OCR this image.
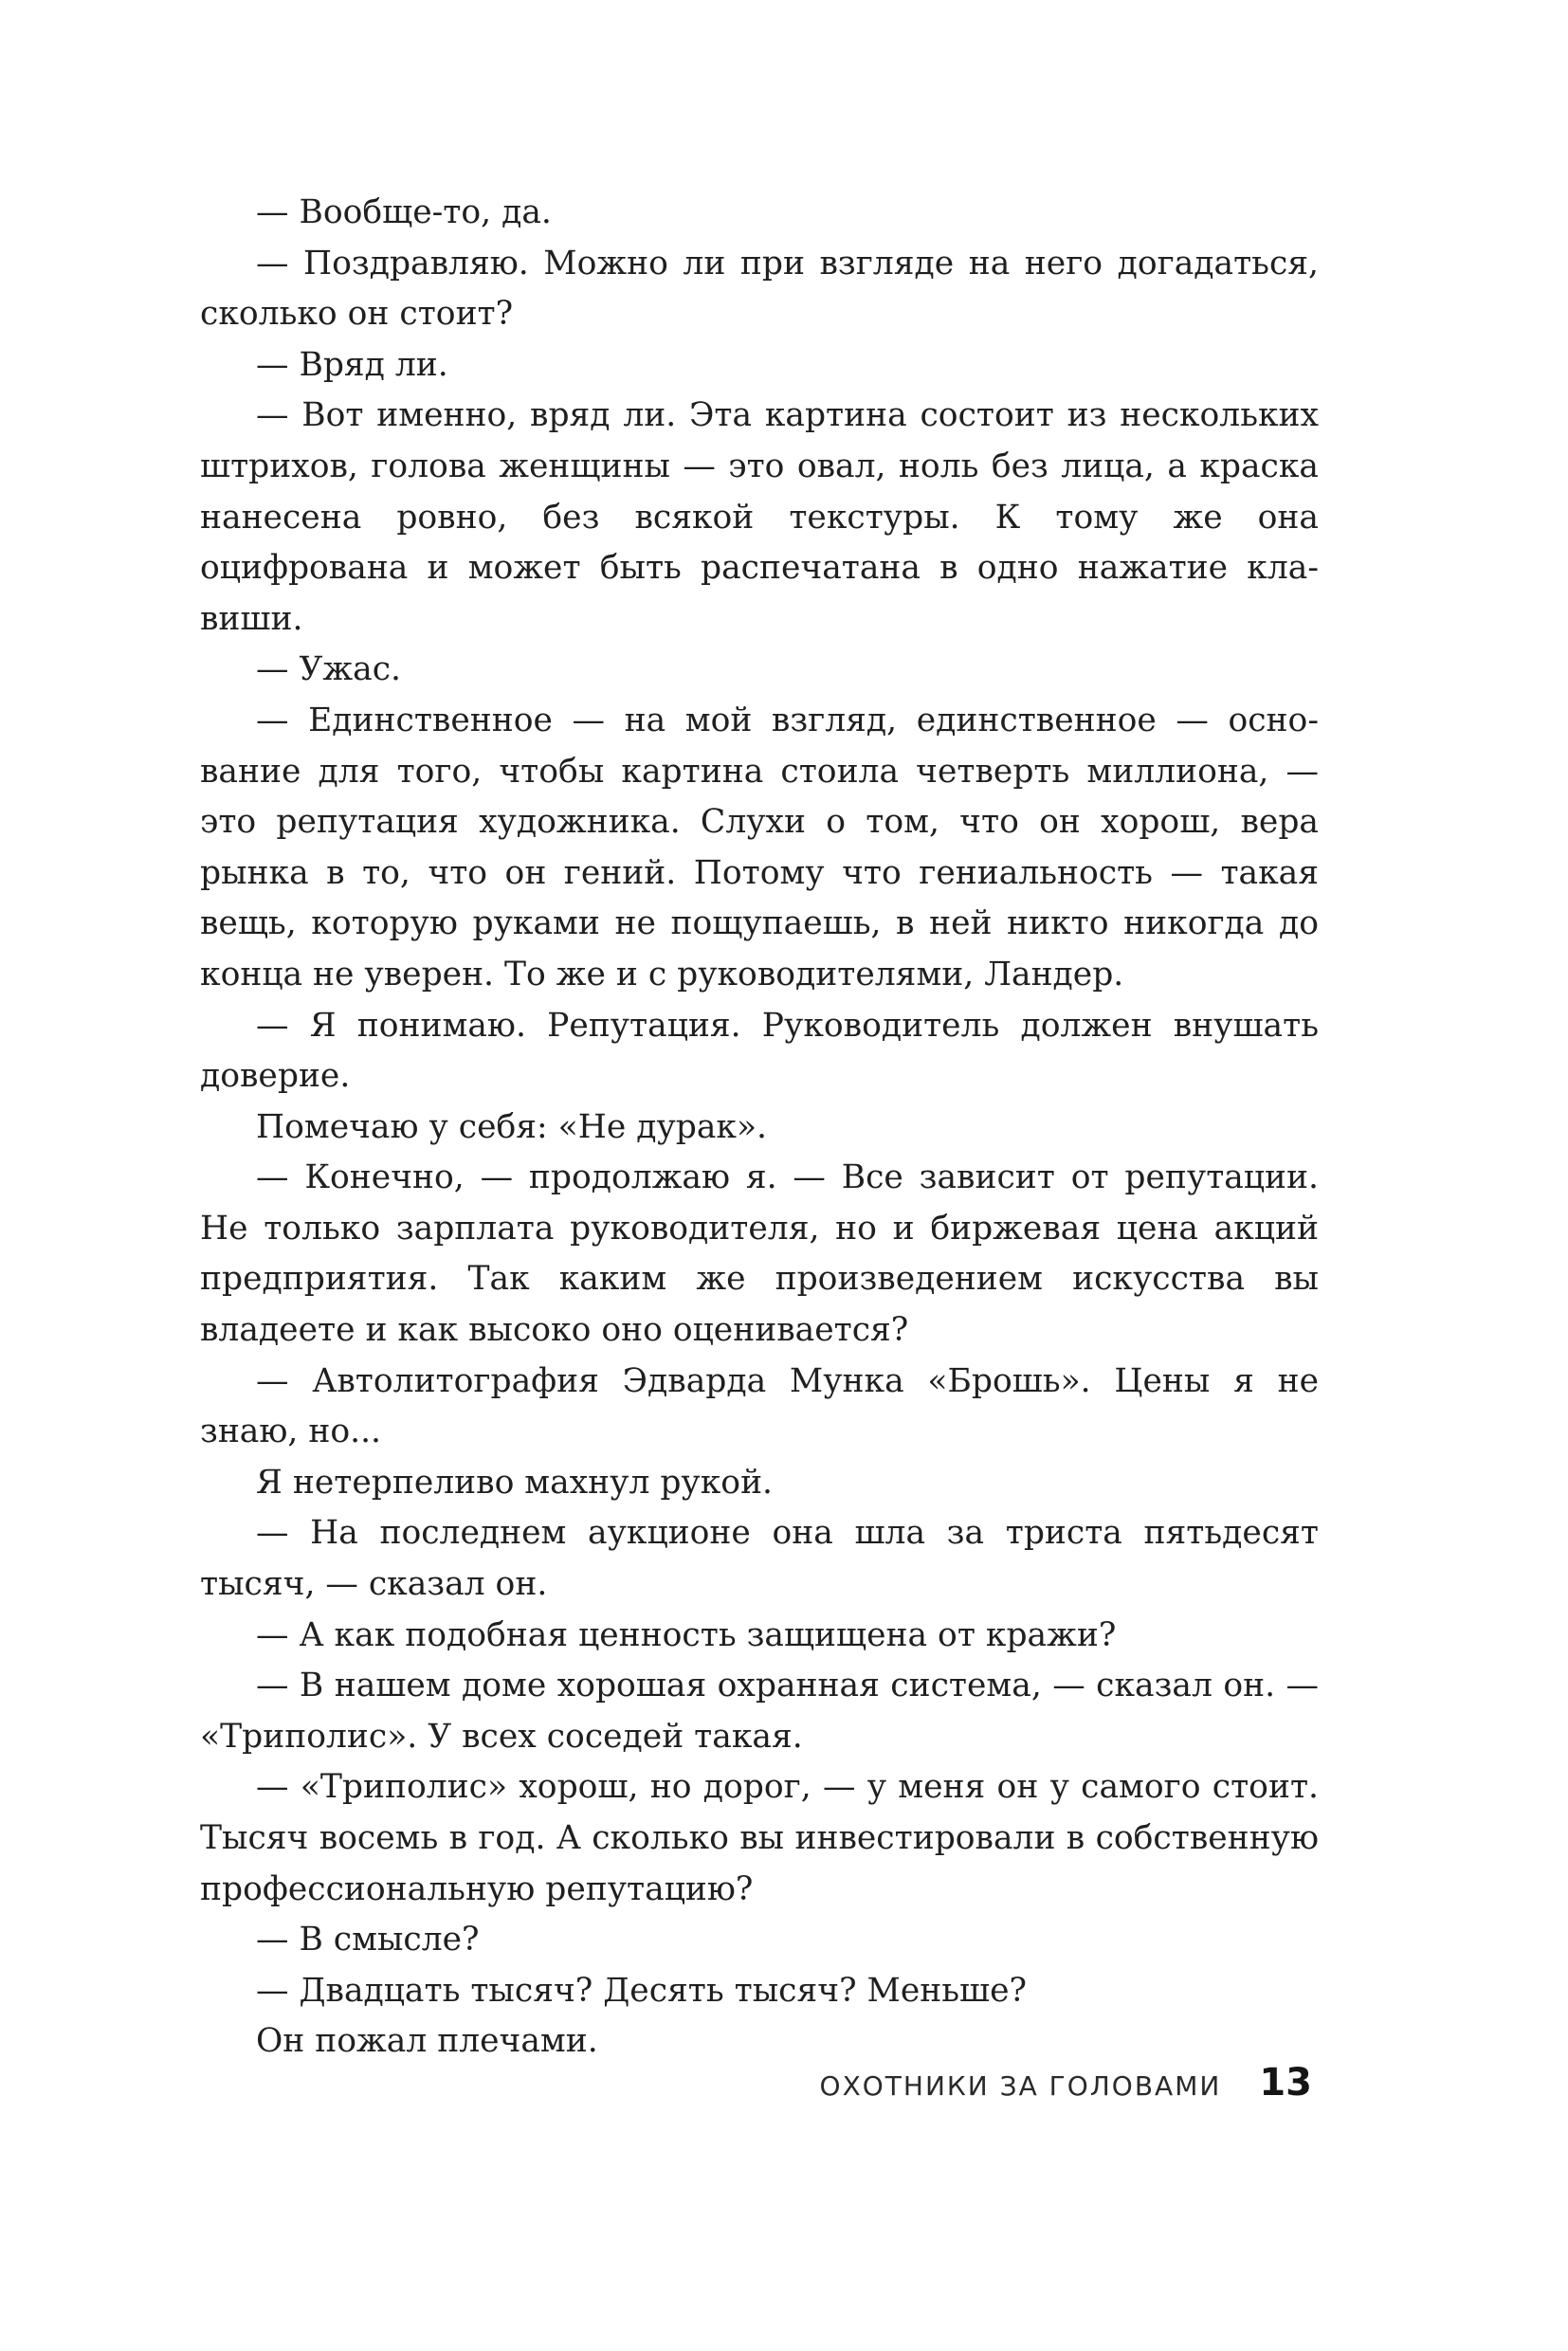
— Вообще-то, да.

— Поздравляю. Можно ли при взгляде на него догадаться, сколько он стоит?

— Вряд ли.

— Вот именно, вряд ли. Эта картина состоит из нескольких штрихов, голова женщины — это овал, ноль без лица, а краска нанесена ровно, без всякой текстуры. К тому же она оцифрована и может быть распечатана в одно нажатие клавиши.

— Ужас.

— Единственное — на мой взгляд, единственное — основание для того, чтобы картина стоила четверть миллиона, — это репутация художника. Слухи о том, что он хорош, вера рынка в то, что он гений. Потому что гениальность — такая вещь, которую руками не пощупаешь, в ней никто никогда до конца не уверен. То же и с руководителями, Ландер.

— Я понимаю. Репутация. Руководитель должен внушать доверие.

Помечаю у себя: «Не дурак».

— Конечно, — продолжаю я. — Все зависит от репутации. Не только зарплата руководителя, но и биржевая цена акций предприятия. Так каким же произведением искусства вы владеете и как высоко оно оценивается?

— Автолитография Эдварда Мунка «Брошь». Цены я не знаю, но...

Я нетерпеливо махнул рукой.

— На последнем аукционе она шла за триста пятьдесят тысяч, — сказал он.

— А как подобная ценность защищена от кражи?

— В нашем доме хорошая охранная система, — сказал он. — «Триполис». У всех соседей такая.

— «Триполис» хорош, но дорог, — у меня он у самого стоит. Тысяч восемь в год. А сколько вы инвестировали в собственную профессиональную репутацию?

— В смысле?

— Двадцать тысяч? Десять тысяч? Меньше?

Он пожал плечами.

ОХОТНИКИ ЗА ГОЛОВАМИ 13
